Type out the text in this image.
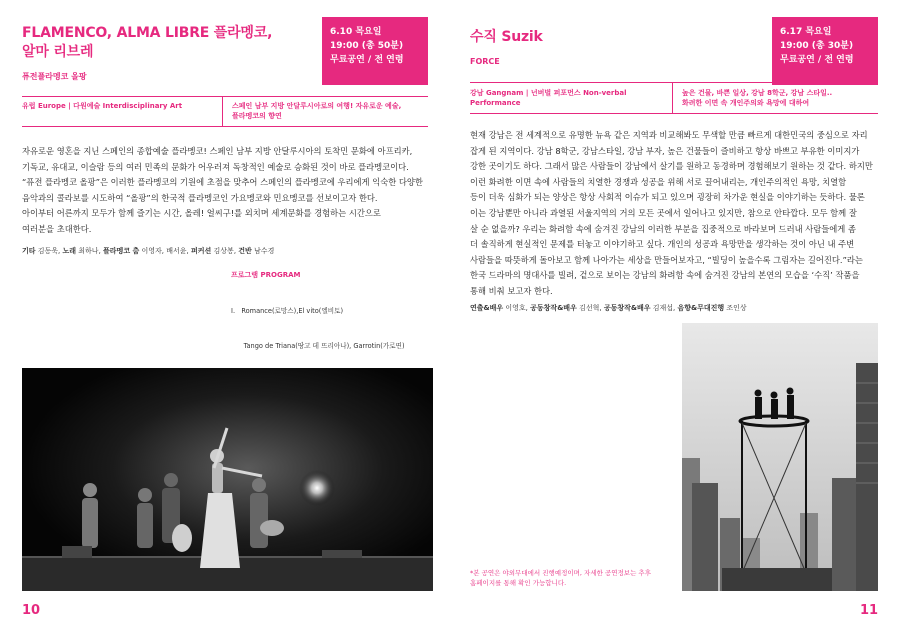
FLAMENCO, ALMA LIBRE 플라멩코,
알마 리브레
퓨전플라멩코 올팡
6.10 목요일
19:00 (총 50분)
무료공연 / 전 연령
유럽 Europe | 다원예술 Interdisciplinary Art	스페인 남부 지방 안달루시아로의 여행! 자유로운 예술,
플라멩코의 향연
자유로운 영혼을 지닌 스페인의 종합예술 플라멩코! 스페인 남부 지방 안달루시아의 토착민 문화에 아프리카,
기독교, 유대교, 이슬람 등의 여러 민족의 문화가 어우러져 독창적인 예술로 승화된 것이 바로 플라멩코이다.
“퓨전 플라멩코 올팡”은 이러한 플라멩코의 기원에 초점을 맞추어 스페인의 플라멩코에 우리에게 익숙한 다양한
음악과의 콜라보를 시도하여 “올팡”의 한국적 플라멩코인 가요멩코와 민요멩코를 선보이고자 한다.
아이부터 어른까지 모두가 함께 즐기는 시간, 올레! 얼씨구!를 외치며 세계문화를 경험하는 시간으로
여러분을 초대한다.
기타 김동욱, 노래 최하나, 플라멩코 춤 이영자, 배서윤, 퍼커션 김상봉, 건반 남수경
프로그램 PROGRAM

I.   Romance(로망스),El vito(엘비토)

Tango de Triana(땅고 데 뜨리아나), Garrotin(가로띤)

10
수직 Suzik
FORCE
6.17 목요일
19:00 (총 30분)
무료공연 / 전 연령
강남 Gangnam | 넌버벌 퍼포먼스 Non-verbal
Performance
높은 건물, 바쁜 일상, 강남 8학군, 강남 스타일..
화려한 이면 속 개인주의와 욕망에 대하여
현재 강남은 전 세계적으로 유명한 뉴욕 같은 지역과 비교해봐도 무색할 만큼 빠르게 대한민국의 중심으로 자리
잡게 된 지역이다. 강남 8학군, 강남스타일, 강남 부자, 높은 건물들이 즐비하고 항상 바쁘고 부유한 이미지가
강한 곳이기도 하다. 그래서 많은 사람들이 강남에서 살기를 원하고 동경하며 경험해보기 원하는 것 같다. 하지만
이런 화려한 이면 속에 사람들의 치열한 경쟁과 성공을 위해 서로 끌어내리는, 개인주의적인 욕망, 치열함
등이 더욱 심화가 되는 양상은 항상 사회적 이슈가 되고 있으며 굉장히 차가운 현실을 이야기하는 듯하다. 물론
이는 강남뿐만 아니라 과열된 서울지역의 거의 모든 곳에서 일어나고 있지만, 참으로 안타깝다. 모두 함께 잘
살 순 없을까? 우리는 화려함 속에 숨겨진 강남의 이러한 부분을 집중적으로 바라보며 드러내 사람들에게 좀
더 솔직하게 현실적인 문제를 터놓고 이야기하고 싶다. 개인의 성공과 욕망만을 생각하는 것이 아닌 내 주변
사람들을 따뜻하게 돌아보고 함께 나아가는 세상을 만들어보자고, “빌딩이 높을수록 그림자는 길어진다.”라는
한국 드라마의 명대사를 빌려, 겉으로 보이는 강남의 화려함 속에 숨겨진 강남의 본연의 모습을 ‘수직’ 작품을
통해 비춰 보고자 한다.
연출&배우 이영호, 공동창작&배우 김선혁, 공동창작&배우 김재섭, 음향&무대진행 조인상
*본 공연은 야외무대에서 진행예정이며, 자세한 공연정보는 추후
홈페이지를 통해 확인 가능합니다.
11
